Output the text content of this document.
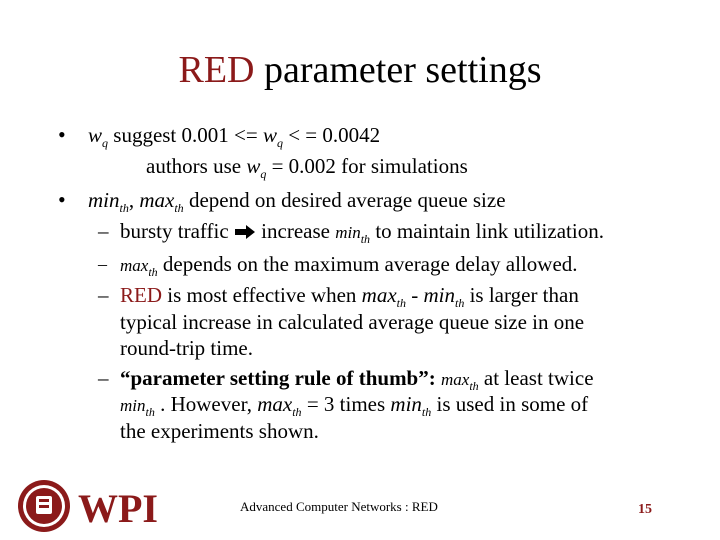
RED parameter settings
• $w_q$ suggest $0.001 <= w_q$ < = 0.0042
authors use $w_q = 0.002$ for simulations
• $\min_{th}$, $\max_{th}$ depend on desired average queue size
– bursty traffic  increase $\min_{th}$ to maintain link utilization.
– $\max_{th}$ depends on the maximum average delay allowed.
– RED is most effective when $\max_{th} - \min_{th}$ is larger than
typical increase in calculated average queue size in one
round-trip time.
– “parameter setting rule of thumb”: $\max_{th}$ at least twice
$\min_{th}$ . However, $\max_{th} = 3$ times $\min_{th}$ is used in some of
the experiments shown.
WPI	Advanced Computer Networks : RED	15
